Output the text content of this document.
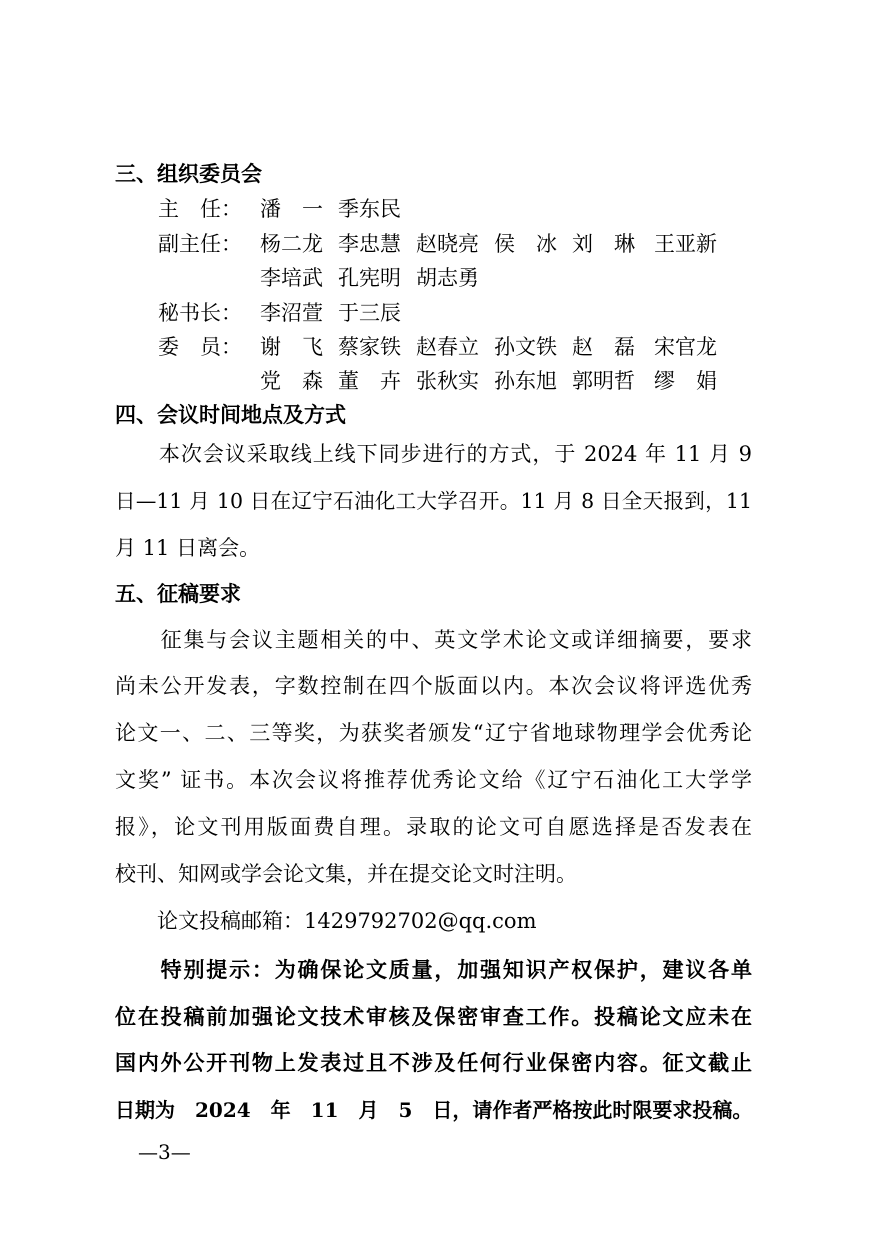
三、组织委员会
主　任： 潘　一 季东民
副主任： 杨二龙 李忠慧 赵晓亮 侯　冰 刘　琳 王亚新
李培武 孔宪明 胡志勇
秘书长： 李沼萱 于三辰
委　员： 谢　飞 蔡家铁 赵春立 孙文铁 赵　磊 宋官龙
党　森 董　卉 张秋实 孙东旭 郭明哲 缪　娟
四、会议时间地点及方式
　　本次会议采取线上线下同步进行的方式，于 2024 年 11 月 9
日—11 月 10 日在辽宁石油化工大学召开。11 月 8 日全天报到，11
月 11 日离会。
五、征稿要求
　　征集与会议主题相关的中、英文学术论文或详细摘要，要求
尚未公开发表，字数控制在四个版面以内。本次会议将评选优秀
论文一、二、三等奖，为获奖者颁发“辽宁省地球物理学会优秀论
文奖” 证书。本次会议将推荐优秀论文给《辽宁石油化工大学学
报》，论文刊用版面费自理。录取的论文可自愿选择是否发表在
校刊、知网或学会论文集，并在提交论文时注明。
　　论文投稿邮箱：1429792702@qq.com
　　特别提示：为确保论文质量，加强知识产权保护，建议各单
位在投稿前加强论文技术审核及保密审查工作。投稿论文应未在
国内外公开刊物上发表过且不涉及任何行业保密内容。征文截止
日期为　2024　年　11　月　5　日，请作者严格按此时限要求投稿。
—3—
